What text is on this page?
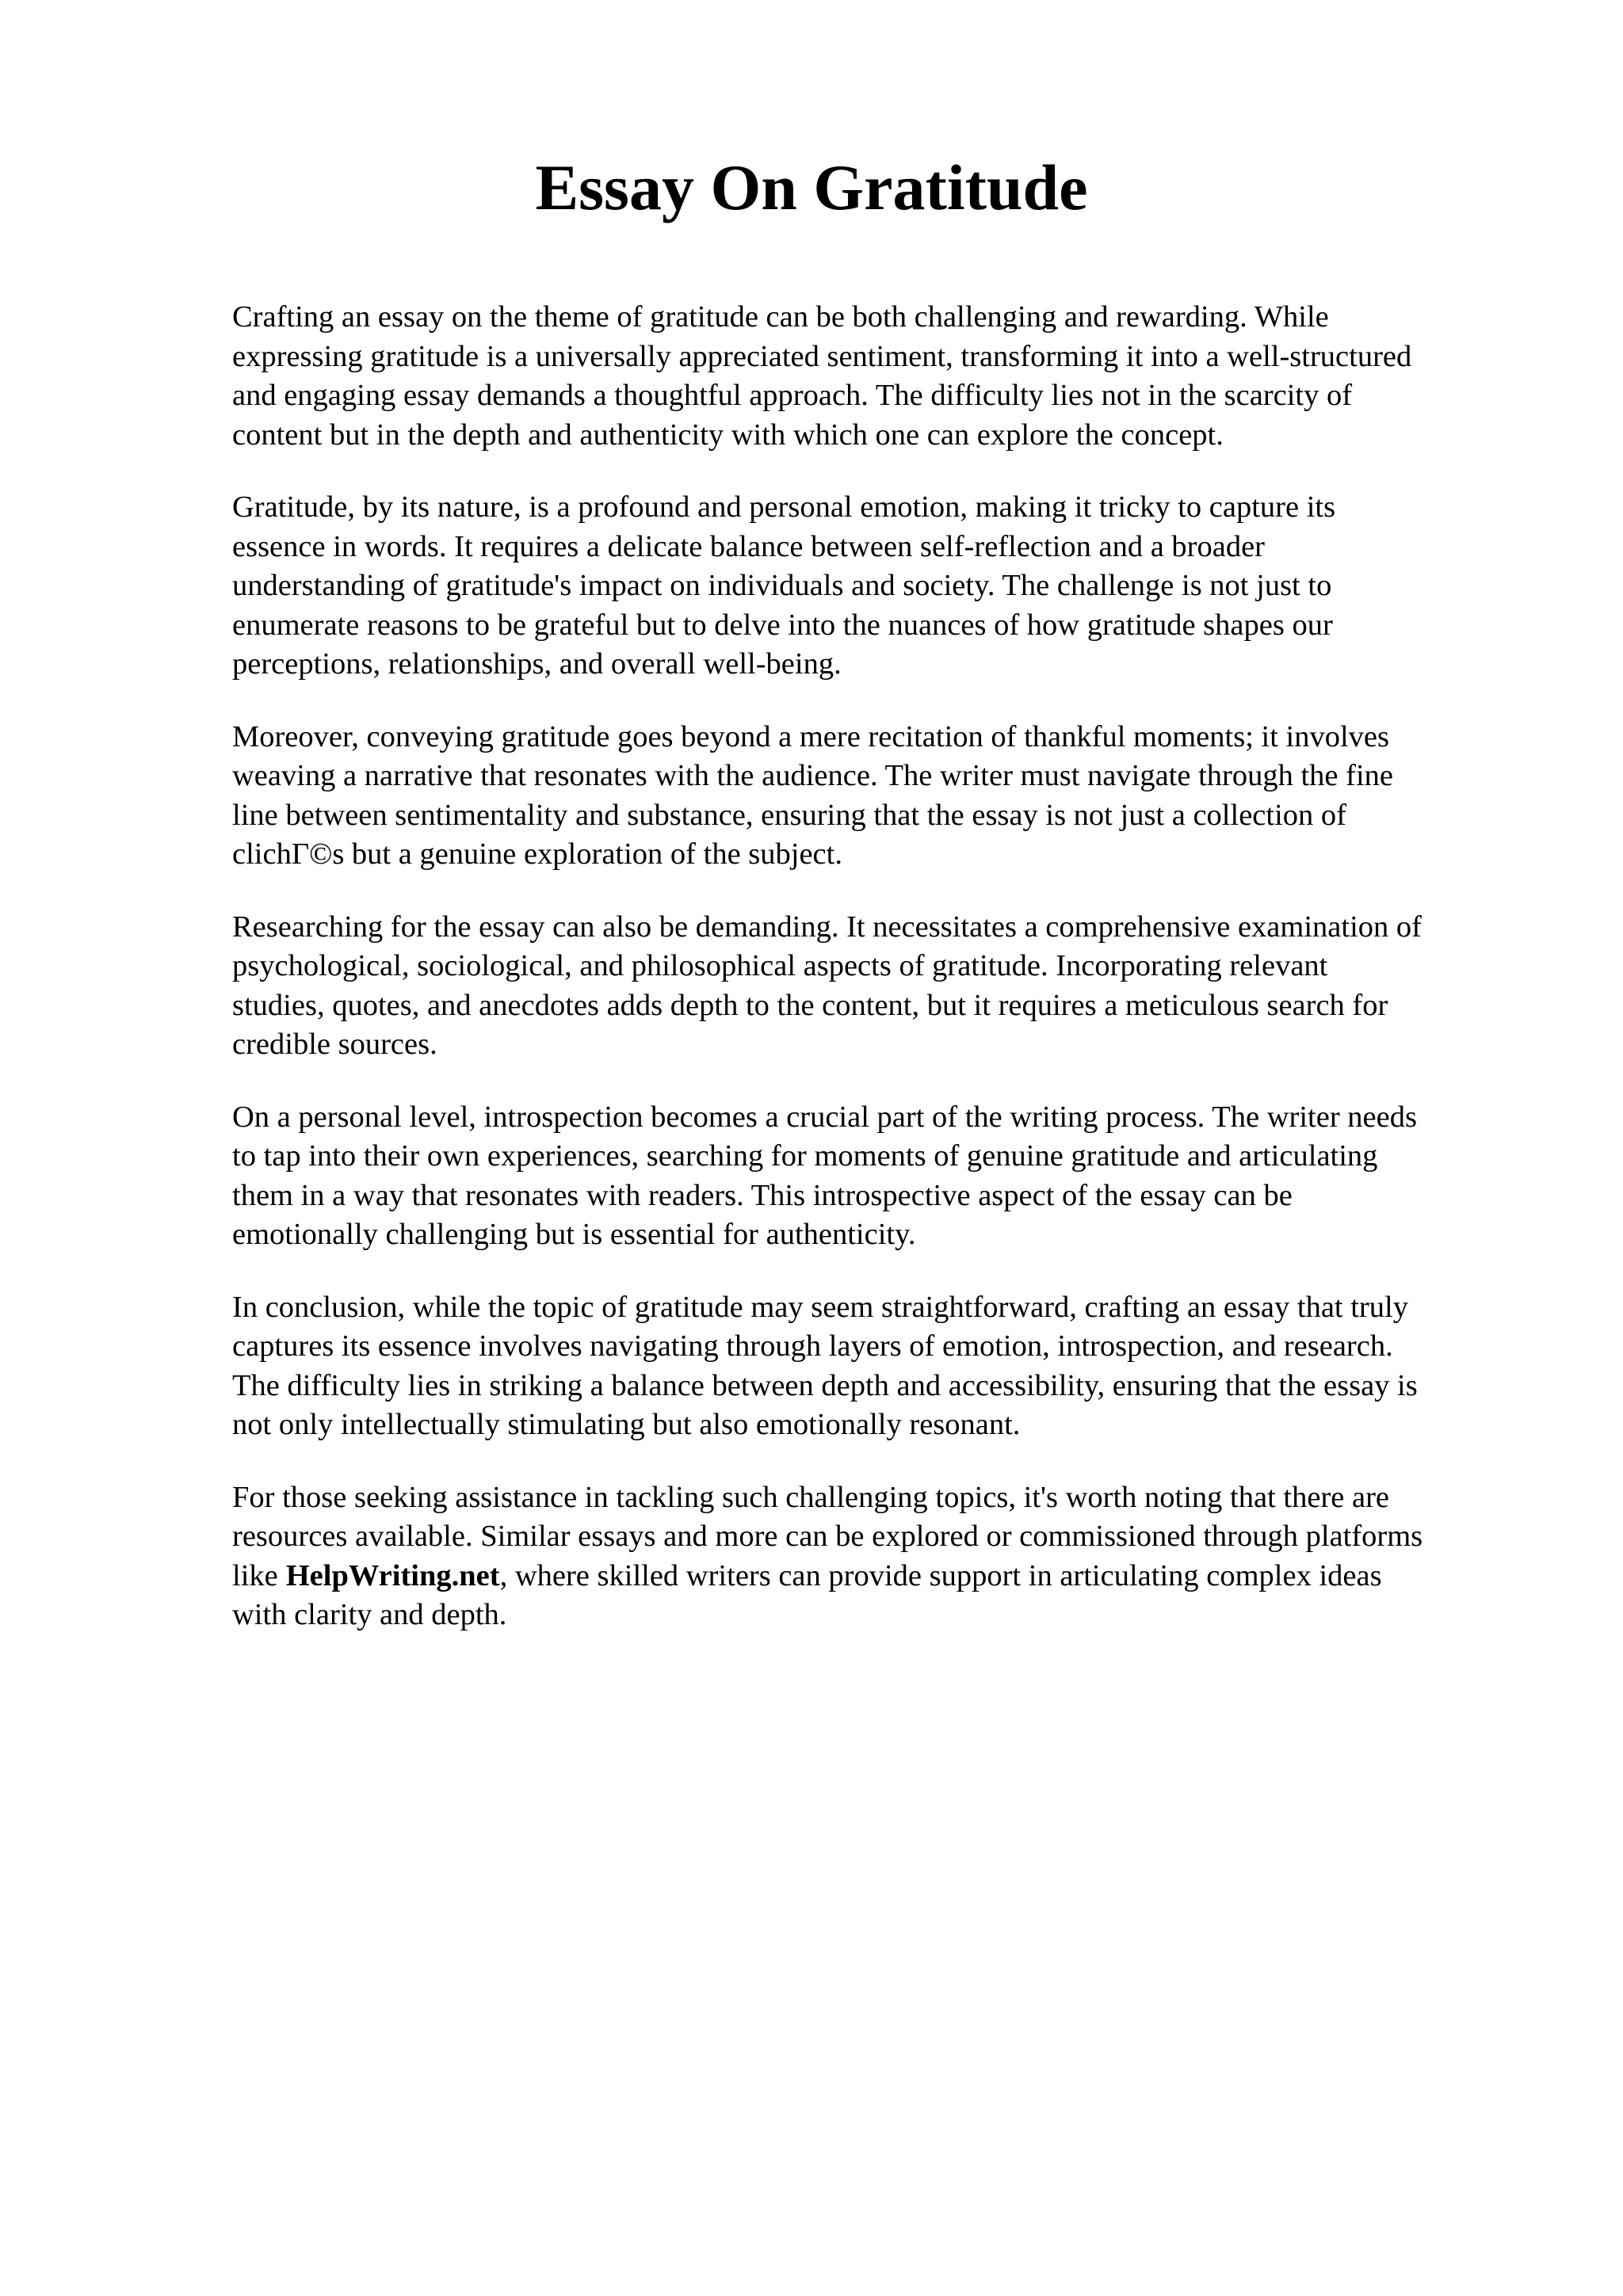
Essay On Gratitude

Crafting an essay on the theme of gratitude can be both challenging and rewarding. While
expressing gratitude is a universally appreciated sentiment, transforming it into a well-structured
and engaging essay demands a thoughtful approach. The difficulty lies not in the scarcity of
content but in the depth and authenticity with which one can explore the concept.

Gratitude, by its nature, is a profound and personal emotion, making it tricky to capture its
essence in words. It requires a delicate balance between self-reflection and a broader
understanding of gratitude's impact on individuals and society. The challenge is not just to
enumerate reasons to be grateful but to delve into the nuances of how gratitude shapes our
perceptions, relationships, and overall well-being.

Moreover, conveying gratitude goes beyond a mere recitation of thankful moments; it involves
weaving a narrative that resonates with the audience. The writer must navigate through the fine
line between sentimentality and substance, ensuring that the essay is not just a collection of
clichГ©s but a genuine exploration of the subject.

Researching for the essay can also be demanding. It necessitates a comprehensive examination of
psychological, sociological, and philosophical aspects of gratitude. Incorporating relevant
studies, quotes, and anecdotes adds depth to the content, but it requires a meticulous search for
credible sources.

On a personal level, introspection becomes a crucial part of the writing process. The writer needs
to tap into their own experiences, searching for moments of genuine gratitude and articulating
them in a way that resonates with readers. This introspective aspect of the essay can be
emotionally challenging but is essential for authenticity.

In conclusion, while the topic of gratitude may seem straightforward, crafting an essay that truly
captures its essence involves navigating through layers of emotion, introspection, and research.
The difficulty lies in striking a balance between depth and accessibility, ensuring that the essay is
not only intellectually stimulating but also emotionally resonant.

For those seeking assistance in tackling such challenging topics, it's worth noting that there are
resources available. Similar essays and more can be explored or commissioned through platforms
like HelpWriting.net, where skilled writers can provide support in articulating complex ideas
with clarity and depth.
